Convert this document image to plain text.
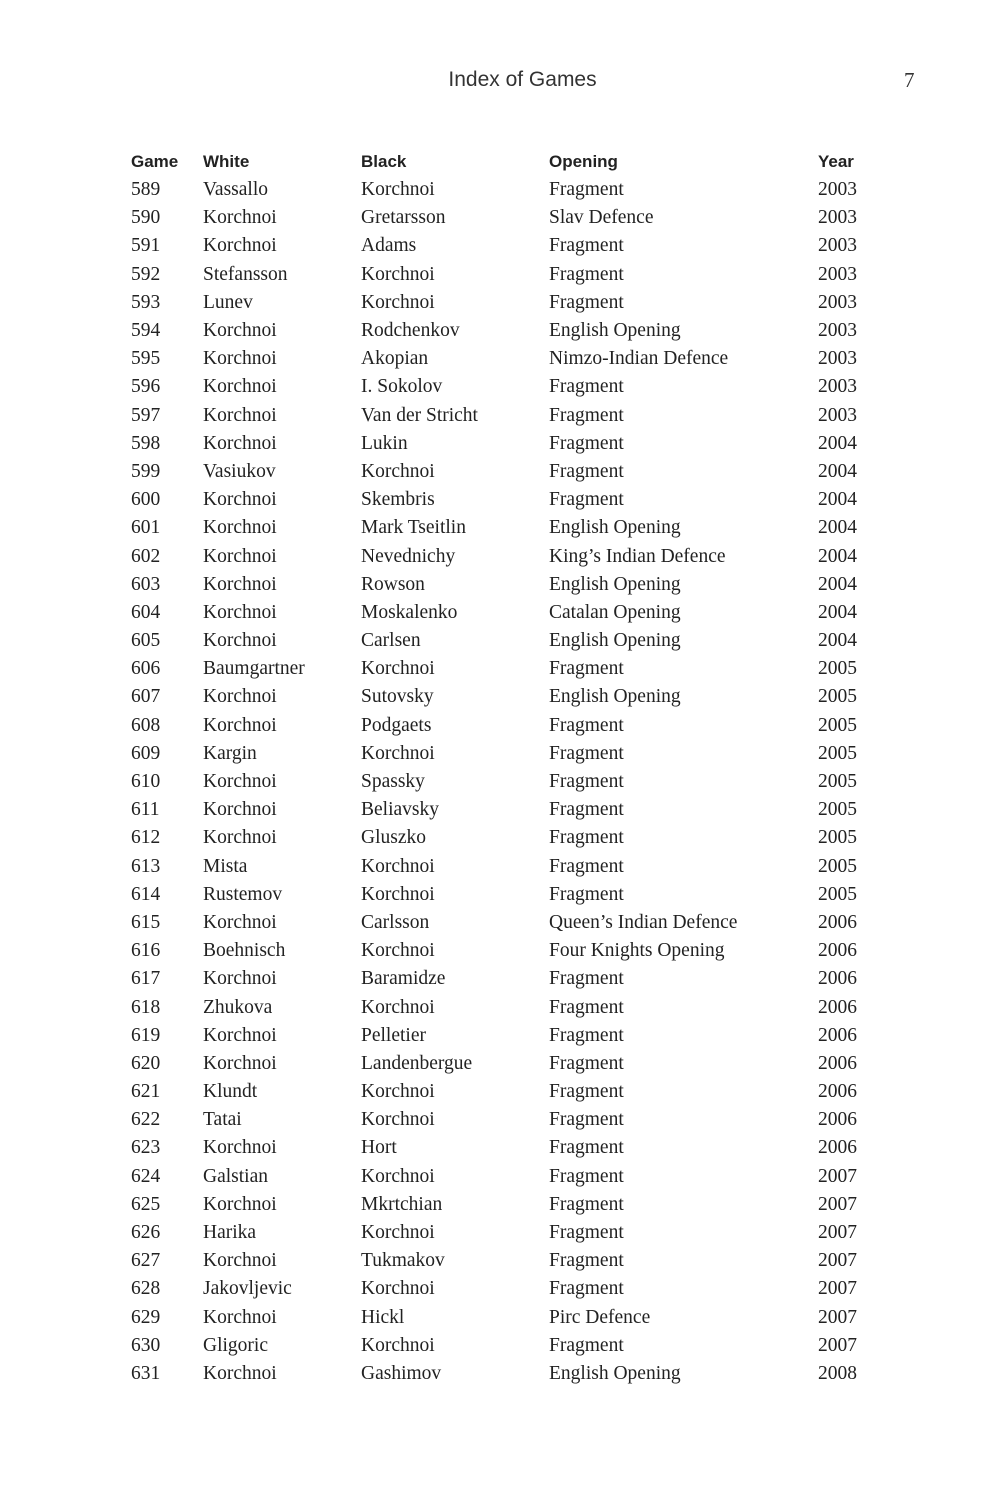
Index of Games	7
Game	White	Black	Opening	Year
589	Vassallo	Korchnoi	Fragment	2003
590	Korchnoi	Gretarsson	Slav Defence	2003
591	Korchnoi	Adams	Fragment	2003
592	Stefansson	Korchnoi	Fragment	2003
593	Lunev	Korchnoi	Fragment	2003
594	Korchnoi	Rodchenkov	English Opening	2003
595	Korchnoi	Akopian	Nimzo-Indian Defence	2003
596	Korchnoi	I. Sokolov	Fragment	2003
597	Korchnoi	Van der Stricht	Fragment	2003
598	Korchnoi	Lukin	Fragment	2004
599	Vasiukov	Korchnoi	Fragment	2004
600	Korchnoi	Skembris	Fragment	2004
601	Korchnoi	Mark Tseitlin	English Opening	2004
602	Korchnoi	Nevednichy	King’s Indian Defence	2004
603	Korchnoi	Rowson	English Opening	2004
604	Korchnoi	Moskalenko	Catalan Opening	2004
605	Korchnoi	Carlsen	English Opening	2004
606	Baumgartner	Korchnoi	Fragment	2005
607	Korchnoi	Sutovsky	English Opening	2005
608	Korchnoi	Podgaets	Fragment	2005
609	Kargin	Korchnoi	Fragment	2005
610	Korchnoi	Spassky	Fragment	2005
611	Korchnoi	Beliavsky	Fragment	2005
612	Korchnoi	Gluszko	Fragment	2005
613	Mista	Korchnoi	Fragment	2005
614	Rustemov	Korchnoi	Fragment	2005
615	Korchnoi	Carlsson	Queen’s Indian Defence	2006
616	Boehnisch	Korchnoi	Four Knights Opening	2006
617	Korchnoi	Baramidze	Fragment	2006
618	Zhukova	Korchnoi	Fragment	2006
619	Korchnoi	Pelletier	Fragment	2006
620	Korchnoi	Landenbergue	Fragment	2006
621	Klundt	Korchnoi	Fragment	2006
622	Tatai	Korchnoi	Fragment	2006
623	Korchnoi	Hort	Fragment	2006
624	Galstian	Korchnoi	Fragment	2007
625	Korchnoi	Mkrtchian	Fragment	2007
626	Harika	Korchnoi	Fragment	2007
627	Korchnoi	Tukmakov	Fragment	2007
628	Jakovljevic	Korchnoi	Fragment	2007
629	Korchnoi	Hickl	Pirc Defence	2007
630	Gligoric	Korchnoi	Fragment	2007
631	Korchnoi	Gashimov	English Opening	2008
